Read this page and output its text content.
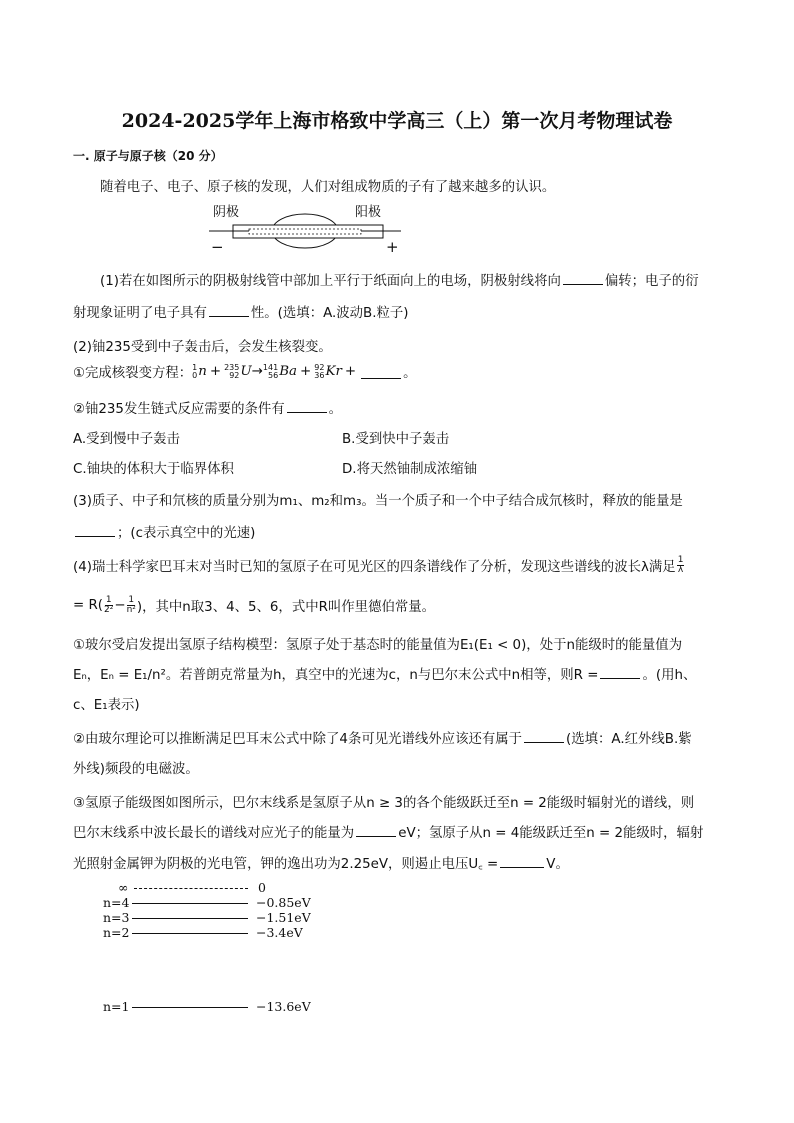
2024-2025学年上海市格致中学高三（上）第一次月考物理试卷
一. 原子与原子核（20 分）
随着电子、电子、原子核的发现，人们对组成物质的子有了越来越多的认识。
阴极	阳极
−	+
(1)若在如图所示的阴极射线管中部加上平行于纸面向上的电场，阴极射线将向	偏转；电子的衍
射现象证明了电子具有	性。(选填：A.波动B.粒子)
(2)铀235受到中子轰击后，会发生核裂变。
①完成核裂变方程： 1
0 n + 235
92 U → 141
56 Ba + 92
36 Kr +	。
②铀235发生链式反应需要的条件有	。
A.受到慢中子轰击	B.受到快中子轰击
C.铀块的体积大于临界体积	D.将天然铀制成浓缩铀
(3)质子、中子和氘核的质量分别为m₁、m₂和m₃。当一个质子和一个中子结合成氘核时，释放的能量是
；(c表示真空中的光速)
(4)瑞士科学家巴耳末对当时已知的氢原子在可见光区的四条谱线作了分析，发现这些谱线的波长λ满足 $\frac{1}{\lambda}$
= $R( \frac{1}{\text{2²}} - \frac{1}{\text{n²}}$ )，其中n取3、4、5、6，式中R叫作里德伯常量。
①玻尔受启发提出氢原子结构模型：氢原子处于基态时的能量值为E₁(E₁ < 0)，处于n能级时的能量值为
Eₙ，Eₙ = E₁/n²。若普朗克常量为h，真空中的光速为c，n与巴尔末公式中n相等，则R =	。(用h、
c、E₁表示)
②由玻尔理论可以推断满足巴耳末公式中除了4条可见光谱线外应该还有属于	(选填：A.红外线B.紫
外线)频段的电磁波。
③氢原子能级图如图所示，巴尔末线系是氢原子从n ≥ 3的各个能级跃迁至n = 2能级时辐射光的谱线，则
巴尔末线系中波长最长的谱线对应光子的能量为	eV；氢原子从n = 4能级跃迁至n = 2能级时，辐射
光照射金属钾为阴极的光电管，钾的逸出功为2.25eV，则遏止电压U꜀ =	V。
∞	0
n=4	−0.85eV
n=3	−1.51eV
n=2	−3.4eV
n=1	−13.6eV
